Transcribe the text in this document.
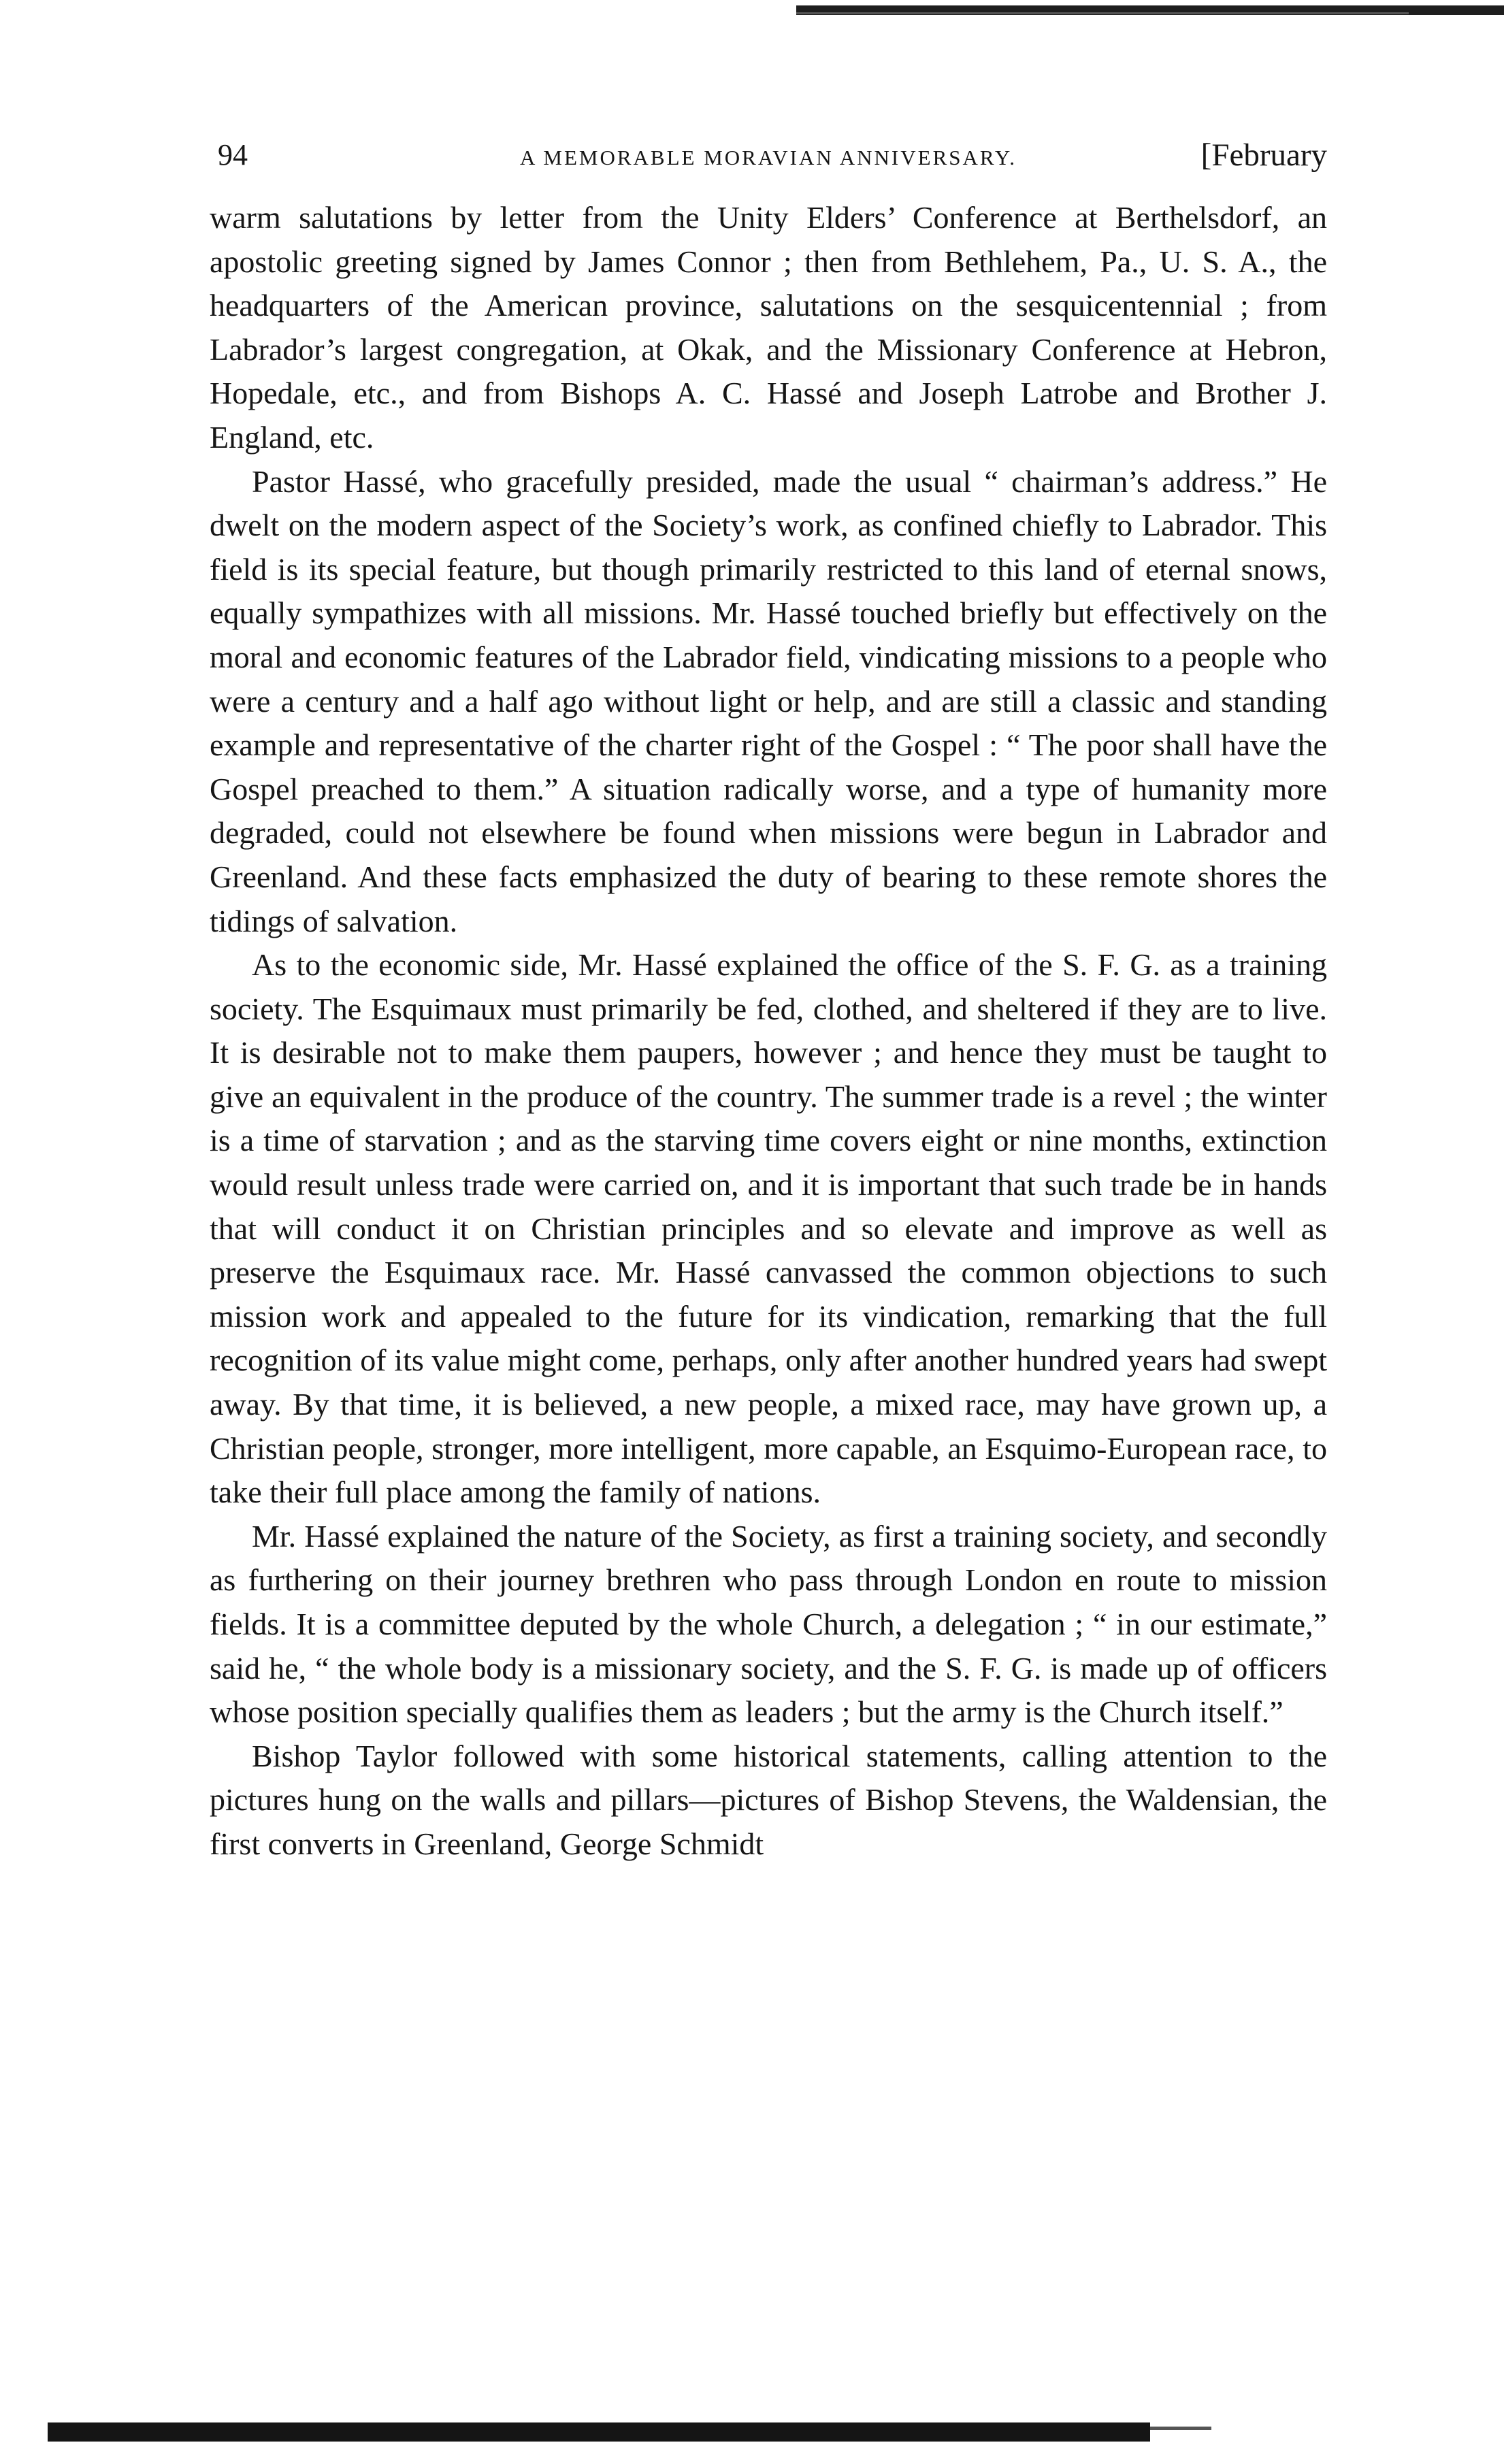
94	A MEMORABLE MORAVIAN ANNIVERSARY.	[February

warm salutations by letter from the Unity Elders’ Conference at Berthelsdorf, an apostolic greeting signed by James Connor ; then from Bethlehem, Pa., U. S. A., the headquarters of the American province, salutations on the sesquicentennial ; from Labrador’s largest congregation, at Okak, and the Missionary Conference at Hebron, Hopedale, etc., and from Bishops A. C. Hassé and Joseph Latrobe and Brother J. England, etc.

Pastor Hassé, who gracefully presided, made the usual “ chairman’s address.” He dwelt on the modern aspect of the Society’s work, as confined chiefly to Labrador. This field is its special feature, but though primarily restricted to this land of eternal snows, equally sympathizes with all missions. Mr. Hassé touched briefly but effectively on the moral and economic features of the Labrador field, vindicating missions to a people who were a century and a half ago without light or help, and are still a classic and standing example and representative of the charter right of the Gospel : “ The poor shall have the Gospel preached to them.” A situation radically worse, and a type of humanity more degraded, could not elsewhere be found when missions were begun in Labrador and Greenland. And these facts emphasized the duty of bearing to these remote shores the tidings of salvation.

As to the economic side, Mr. Hassé explained the office of the S. F. G. as a training society. The Esquimaux must primarily be fed, clothed, and sheltered if they are to live. It is desirable not to make them paupers, however ; and hence they must be taught to give an equivalent in the produce of the country. The summer trade is a revel ; the winter is a time of starvation ; and as the starving time covers eight or nine months, extinction would result unless trade were carried on, and it is important that such trade be in hands that will conduct it on Christian principles and so elevate and improve as well as preserve the Esquimaux race. Mr. Hassé canvassed the common objections to such mission work and appealed to the future for its vindication, remarking that the full recognition of its value might come, perhaps, only after another hundred years had swept away. By that time, it is believed, a new people, a mixed race, may have grown up, a Christian people, stronger, more intelligent, more capable, an Esquimo-European race, to take their full place among the family of nations.

Mr. Hassé explained the nature of the Society, as first a training society, and secondly as furthering on their journey brethren who pass through London en route to mission fields. It is a committee deputed by the whole Church, a delegation ; “ in our estimate,” said he, “ the whole body is a missionary society, and the S. F. G. is made up of officers whose position specially qualifies them as leaders ; but the army is the Church itself.”

Bishop Taylor followed with some historical statements, calling attention to the pictures hung on the walls and pillars—pictures of Bishop Stevens, the Waldensian, the first converts in Greenland, George Schmidt
